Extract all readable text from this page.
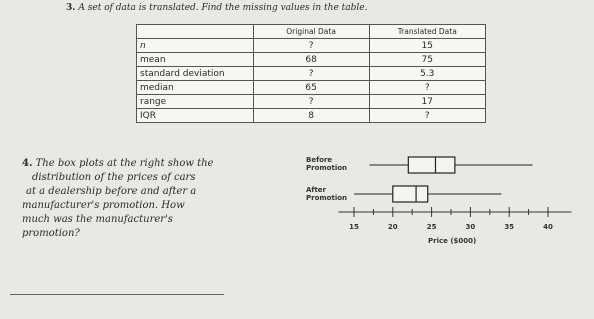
3. A set of data is translated. Find the missing values in the table.
	Original Data	Translated Data
n	?	15
mean	68	75
standard deviation	?	5.3
median	65	?
range	?	17
IQR	8	?
4. The box plots at the right show the
distribution of the prices of cars
at a dealership before and after a
manufacturer's promotion. How
much was the manufacturer's
promotion?
Before
Promotion
After
Promotion
15	20	25	30	35	40
Price ($000)
